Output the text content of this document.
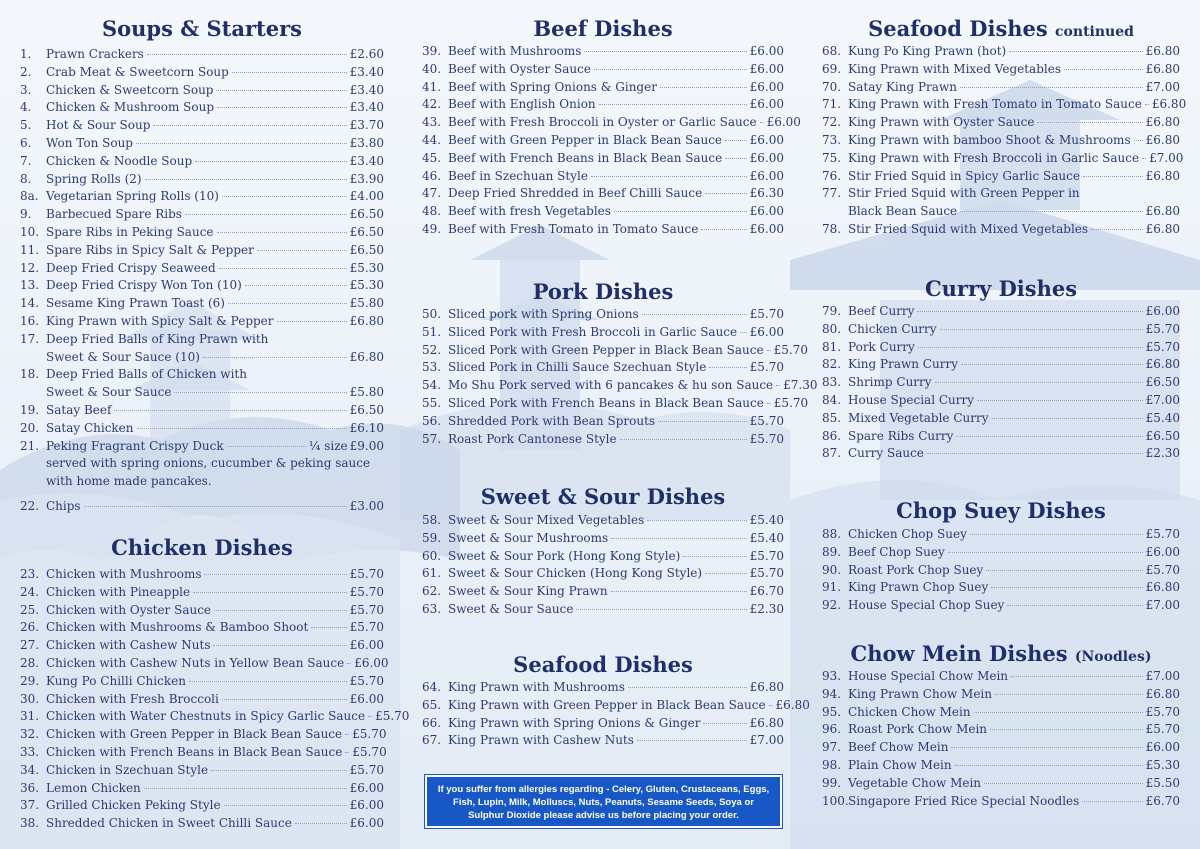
Soups & Starters
1.	Prawn Crackers	£2.60
2.	Crab Meat & Sweetcorn Soup	£3.40
3.	Chicken & Sweetcorn Soup	£3.40
4.	Chicken & Mushroom Soup	£3.40
5.	Hot & Sour Soup	£3.70
6.	Won Ton Soup	£3.80
7.	Chicken & Noodle Soup	£3.40
8.	Spring Rolls (2)	£3.90
8a. Vegetarian Spring Rolls (10)	£4.00
9.	Barbecued Spare Ribs	£6.50
10. Spare Ribs in Peking Sauce	£6.50
11. Spare Ribs in Spicy Salt & Pepper	£6.50
12. Deep Fried Crispy Seaweed	£5.30
13. Deep Fried Crispy Won Ton (10)	£5.30
14. Sesame King Prawn Toast (6)	£5.80
16. King Prawn with Spicy Salt & Pepper	£6.80
17. Deep Fried Balls of King Prawn with
Sweet & Sour Sauce (10)	£6.80
18. Deep Fried Balls of Chicken with
Sweet & Sour Sauce	£5.80
19. Satay Beef	£6.50
20. Satay Chicken	£6.10
21. Peking Fragrant Crispy Duck	¼ size £9.00
served with spring onions, cucumber & peking sauce
with home made pancakes.
22. Chips	£3.00
Chicken Dishes
23. Chicken with Mushrooms	£5.70
24. Chicken with Pineapple	£5.70
25. Chicken with Oyster Sauce	£5.70
26. Chicken with Mushrooms & Bamboo Shoot	£5.70
27. Chicken with Cashew Nuts	£6.00
28. Chicken with Cashew Nuts in Yellow Bean Sauce £6.00
29. Kung Po Chilli Chicken	£5.70
30. Chicken with Fresh Broccoli	£6.00
31. Chicken with Water Chestnuts in Spicy Garlic Sauce £5.70
32. Chicken with Green Pepper in Black Bean Sauce £5.70
33. Chicken with French Beans in Black Bean Sauce £5.70
34. Chicken in Szechuan Style	£5.70
36. Lemon Chicken	£6.00
37. Grilled Chicken Peking Style	£6.00
38. Shredded Chicken in Sweet Chilli Sauce	£6.00
Beef Dishes
39. Beef with Mushrooms	£6.00
40. Beef with Oyster Sauce	£6.00
41. Beef with Spring Onions & Ginger	£6.00
42. Beef with English Onion	£6.00
43. Beef with Fresh Broccoli in Oyster or Garlic Sauce £6.00
44. Beef with Green Pepper in Black Bean Sauce £6.00
45. Beef with French Beans in Black Bean Sauce £6.00
46. Beef in Szechuan Style	£6.00
47. Deep Fried Shredded in Beef Chilli Sauce	£6.30
48. Beef with fresh Vegetables	£6.00
49. Beef with Fresh Tomato in Tomato Sauce	£6.00
Pork Dishes
50. Sliced pork with Spring Onions	£5.70
51. Sliced Pork with Fresh Broccoli in Garlic Sauce £6.00
52. Sliced Pork with Green Pepper in Black Bean Sauce £5.70
53. Sliced Pork in Chilli Sauce Szechuan Style	£5.70
54. Mo Shu Pork served with 6 pancakes & hu son Sauce £7.30
55. Sliced Pork with French Beans in Black Bean Sauce £5.70
56. Shredded Pork with Bean Sprouts	£5.70
57. Roast Pork Cantonese Style	£5.70
Sweet & Sour Dishes
58. Sweet & Sour Mixed Vegetables	£5.40
59. Sweet & Sour Mushrooms	£5.40
60. Sweet & Sour Pork (Hong Kong Style)	£5.70
61. Sweet & Sour Chicken (Hong Kong Style)	£5.70
62. Sweet & Sour King Prawn	£6.70
63. Sweet & Sour Sauce	£2.30
Seafood Dishes
64. King Prawn with Mushrooms	£6.80
65. King Prawn with Green Pepper in Black Bean Sauce £6.80
66. King Prawn with Spring Onions & Ginger	£6.80
67. King Prawn with Cashew Nuts	£7.00
If you suffer from allergies regarding - Celery, Gluten, Crustaceans, Eggs, Fish, Lupin, Milk, Molluscs, Nuts, Peanuts, Sesame Seeds, Soya or Sulphur Dioxide please advise us before placing your order.
Seafood Dishes continued
68. Kung Po King Prawn (hot)	£6.80
69. King Prawn with Mixed Vegetables	£6.80
70. Satay King Prawn	£7.00
71. King Prawn with Fresh Tomato in Tomato Sauce £6.80
72. King Prawn with Oyster Sauce	£6.80
73. King Prawn with bamboo Shoot & Mushrooms £6.80
75. King Prawn with Fresh Broccoli in Garlic Sauce £7.00
76. Stir Fried Squid in Spicy Garlic Sauce	£6.80
77. Stir Fried Squid with Green Pepper in
Black Bean Sauce	£6.80
78. Stir Fried Squid with Mixed Vegetables	£6.80
Curry Dishes
79. Beef Curry	£6.00
80. Chicken Curry	£5.70
81. Pork Curry	£5.70
82. King Prawn Curry	£6.80
83. Shrimp Curry	£6.50
84. House Special Curry	£7.00
85. Mixed Vegetable Curry	£5.40
86. Spare Ribs Curry	£6.50
87. Curry Sauce	£2.30
Chop Suey Dishes
88. Chicken Chop Suey	£5.70
89. Beef Chop Suey	£6.00
90. Roast Pork Chop Suey	£5.70
91. King Prawn Chop Suey	£6.80
92. House Special Chop Suey	£7.00
Chow Mein Dishes (Noodles)
93. House Special Chow Mein	£7.00
94. King Prawn Chow Mein	£6.80
95. Chicken Chow Mein	£5.70
96. Roast Pork Chow Mein	£5.70
97. Beef Chow Mein	£6.00
98. Plain Chow Mein	£5.30
99. Vegetable Chow Mein	£5.50
100. Singapore Fried Rice Special Noodles	£6.70
